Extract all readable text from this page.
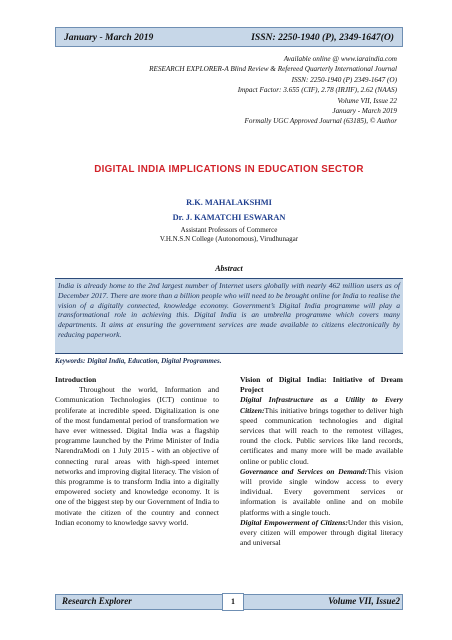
January - March 2019	ISSN: 2250-1940 (P), 2349-1647(O)
Available online @ www.iaraindia.com
RESEARCH EXPLORER-A Blind Review & Refereed Quarterly International Journal
ISSN: 2250-1940 (P) 2349-1647 (O)
Impact Factor: 3.655 (CIF), 2.78 (IRJIF), 2.62 (NAAS)
Volume VII, Issue 22
January - March 2019
Formally UGC Approved Journal (63185), © Author
DIGITAL INDIA IMPLICATIONS IN EDUCATION SECTOR
R.K. MAHALAKSHMI
Dr. J. KAMATCHI ESWARAN
Assistant Professors of Commerce
V.H.N.S.N College (Autonomous), Virudhunagar
Abstract

India is already home to the 2nd largest number of Internet users globally with nearly 462 million users as of December 2017. There are more than a billion people who will need to be brought online for India to realise the vision of a digitally connected, knowledge economy. Government’s Digital India programme will play a transformational role in achieving this. Digital India is an umbrella programme which covers many departments. It aims at ensuring the government services are made available to citizens electronically by reducing paperwork.

Keywords: Digital India, Education, Digital Programmes.

Introduction

Throughout the world, Information and Communication Technologies (ICT) continue to proliferate at incredible speed. Digitalization is one of the most fundamental period of transformation we have ever witnessed. Digital India was a flagship programme launched by the Prime Minister of India NarendraModi on 1 July 2015 - with an objective of connecting rural areas with high-speed internet networks and improving digital literacy. The vision of this programme is to transform India into a digitally empowered society and knowledge economy. It is one of the biggest step by our Government of India to motivate the citizen of the country and connect Indian economy to knowledge savvy world.

Vision of Digital India: Initiative of Dream Project

Digital Infrastructure as a Utility to Every Citizen:This initiative brings together to deliver high speed communication technologies and digital services that will reach to the remotest villages, round the clock. Public services like land records, certificates and many more will be made available online or public cloud.

Governance and Services on Demand:This vision will provide single window access to every individual. Every government services or information is available online and on mobile platforms with a single touch.

Digital Empowerment of Citizens:Under this vision, every citizen will empower through digital literacy and universal

Research Explorer	1	Volume VII, Issue2
